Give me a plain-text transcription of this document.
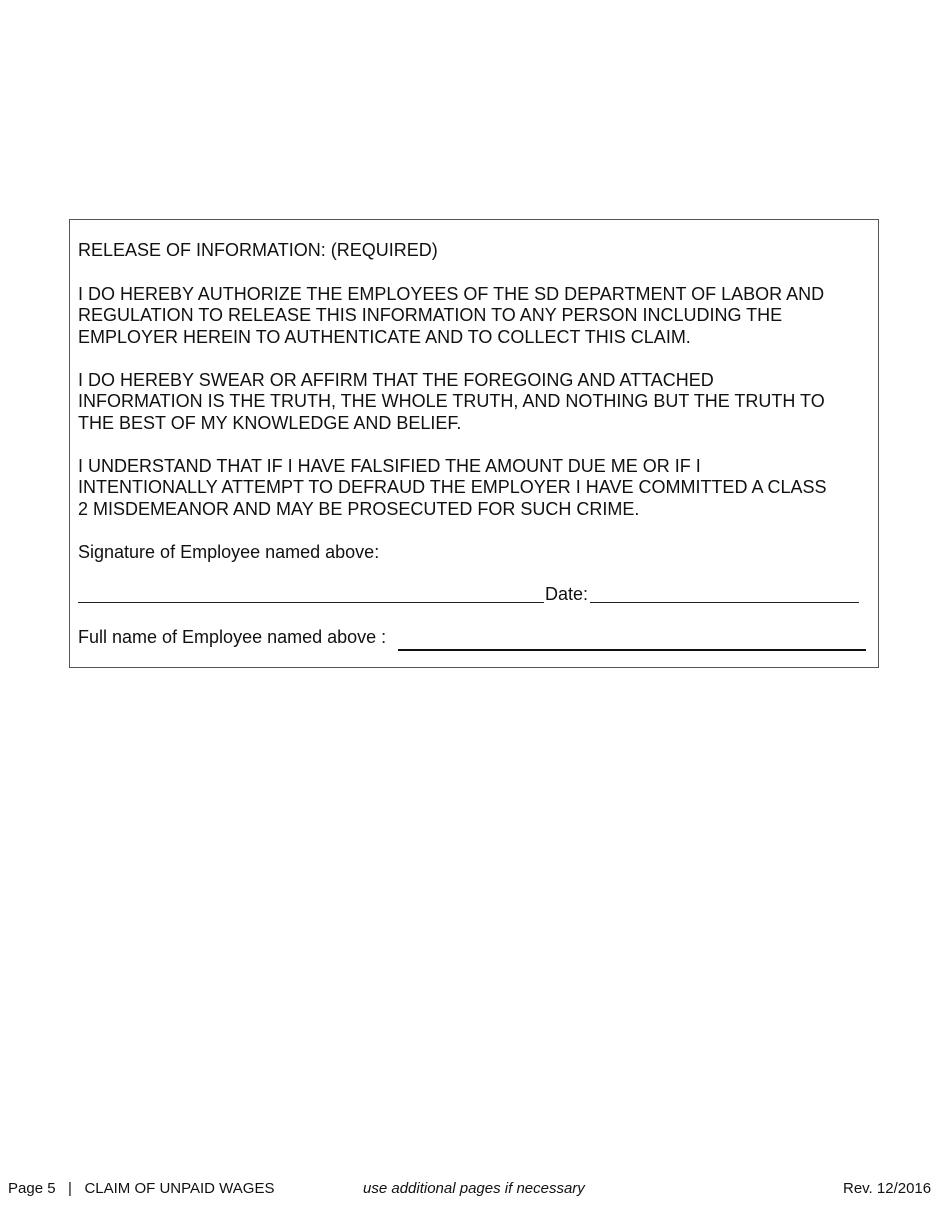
RELEASE OF INFORMATION: (REQUIRED)

I DO HEREBY AUTHORIZE THE EMPLOYEES OF THE SD DEPARTMENT OF LABOR AND
REGULATION TO RELEASE THIS INFORMATION TO ANY PERSON INCLUDING THE
EMPLOYER HEREIN TO AUTHENTICATE AND TO COLLECT THIS CLAIM.

I DO HEREBY SWEAR OR AFFIRM THAT THE FOREGOING AND ATTACHED
INFORMATION IS THE TRUTH, THE WHOLE TRUTH, AND NOTHING BUT THE TRUTH TO
THE BEST OF MY KNOWLEDGE AND BELIEF.

I UNDERSTAND THAT IF I HAVE FALSIFIED THE AMOUNT DUE ME OR IF I
INTENTIONALLY ATTEMPT TO DEFRAUD THE EMPLOYER I HAVE COMMITTED A CLASS
2 MISDEMEANOR AND MAY BE PROSECUTED FOR SUCH CRIME.

Signature of Employee named above:

Date:
Full name of Employee named above :
Page 5   |   CLAIM OF UNPAID WAGES	use additional pages if necessary	Rev. 12/2016
